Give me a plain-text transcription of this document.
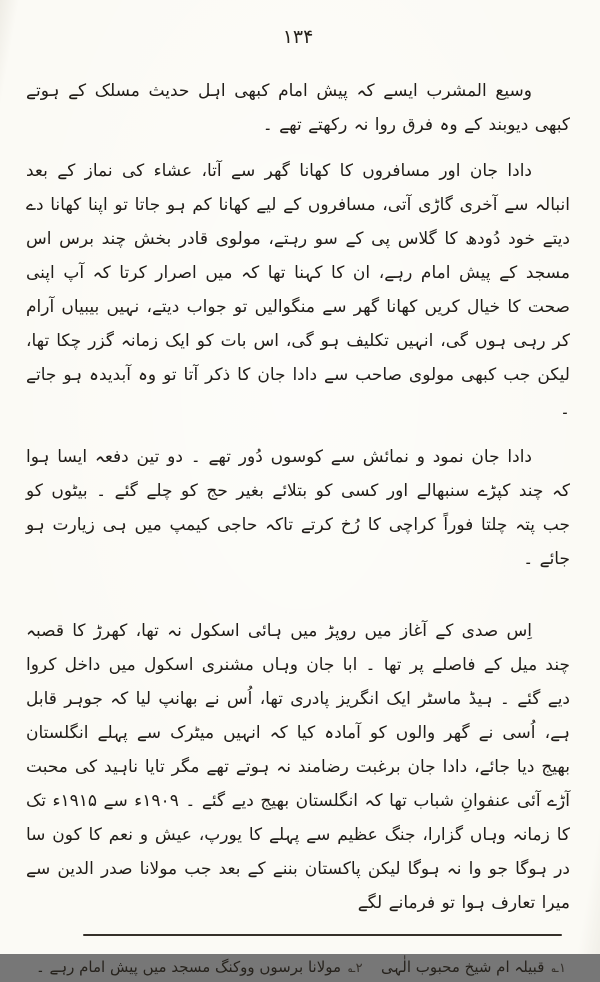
۱۳۴

وسیع المشرب ایسے کہ پیش امام کبھی اہل حدیث مسلک کے ہوتے کبھی دیوبند کے وہ فرق روا نہ رکھتے تھے ۔

دادا جان اور مسافروں کا کھانا گھر سے آتا، عشاء کی نماز کے بعد انبالہ سے آخری گاڑی آتی، مسافروں کے لیے کھانا کم ہو جاتا تو اپنا کھانا دے دیتے خود دُودھ کا گلاس پی کے سو رہتے، مولوی قادر بخش چند برس اس مسجد کے پیش امام رہے، ان کا کہنا تھا کہ میں اصرار کرتا کہ آپ اپنی صحت کا خیال کریں کھانا گھر سے منگوالیں تو جواب دیتے، نہیں بیبیاں آرام کر رہی ہوں گی، انہیں تکلیف ہو گی، اس بات کو ایک زمانہ گزر چکا تھا، لیکن جب کبھی مولوی صاحب سے دادا جان کا ذکر آتا تو وہ آبدیدہ ہو جاتے ۔

دادا جان نمود و نمائش سے کوسوں دُور تھے ۔ دو تین دفعہ ایسا ہوا کہ چند کپڑے سنبھالے اور کسی کو بتلائے بغیر حج کو چلے گئے ۔ بیٹوں کو جب پتہ چلتا فوراً کراچی کا رُخ کرتے تاکہ حاجی کیمپ میں ہی زیارت ہو جائے ۔

اِس صدی کے آغاز میں روپڑ میں ہائی اسکول نہ تھا، کھرڑ کا قصبہ چند میل کے فاصلے پر تھا ۔ ابا جان وہاں مشنری اسکول میں داخل کروا دیے گئے ۔ ہیڈ ماسٹر ایک انگریز پادری تھا، اُس نے بھانپ لیا کہ جوہر قابل ہے، اُسی نے گھر والوں کو آمادہ کیا کہ انہیں میٹرک سے پہلے انگلستان بھیج دیا جائے، دادا جان برغبت رضامند نہ ہوتے تھے مگر تایا ناہید کی محبت آڑے آئی عنفوانِ شباب تھا کہ انگلستان بھیج دیے گئے ۔ ۱۹۰۹ء سے ۱۹۱۵ء تک کا زمانہ وہاں گزارا، جنگ عظیم سے پہلے کا یورپ، عیش و نعم کا کون سا در ہوگا جو وا نہ ہوگا لیکن پاکستان بننے کے بعد جب مولانا صدر الدین سے میرا تعارف ہوا تو فرمانے لگے

۱؎قبیلہ ام شیخ محبوب الٰہی
۲؎مولانا برسوں ووکنگ مسجد میں پیش امام رہے ۔
